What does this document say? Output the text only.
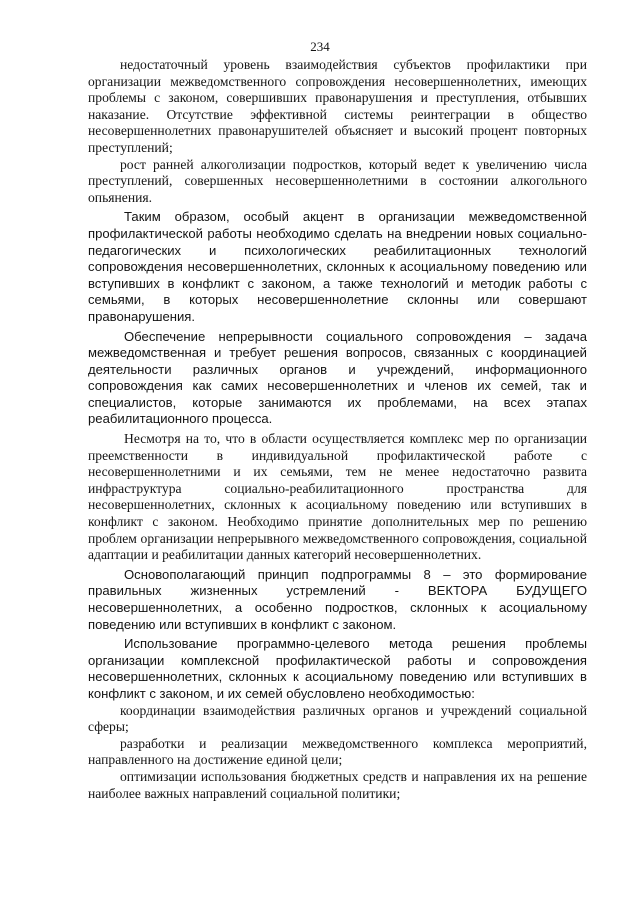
234

недостаточный уровень взаимодействия субъектов профилактики при организации межведомственного сопровождения несовершеннолетних, имеющих проблемы с законом, совершивших правонарушения и преступления, отбывших наказание. Отсутствие эффективной системы реинтеграции в общество несовершеннолетних правонарушителей объясняет и высокий процент повторных преступлений;

рост ранней алкоголизации подростков, который ведет к увеличению числа преступлений, совершенных несовершеннолетними в состоянии алкогольного опьянения.

Таким образом, особый акцент в организации межведомственной профилактической работы необходимо сделать на внедрении новых социально-педагогических и психологических реабилитационных технологий сопровождения несовершеннолетних, склонных к асоциальному поведению или вступивших в конфликт с законом, а также технологий и методик работы с семьями, в которых несовершеннолетние склонны или совершают правонарушения.

Обеспечение непрерывности социального сопровождения – задача межведомственная и требует решения вопросов, связанных с координацией деятельности различных органов и учреждений, информационного сопровождения как самих несовершеннолетних и членов их семей, так и специалистов, которые занимаются их проблемами, на всех этапах реабилитационного процесса.

Несмотря на то, что в области осуществляется комплекс мер по организации преемственности в индивидуальной профилактической работе с несовершеннолетними и их семьями, тем не менее недостаточно развита инфраструктура социально-реабилитационного пространства для несовершеннолетних, склонных к асоциальному поведению или вступивших в конфликт с законом. Необходимо принятие дополнительных мер по решению проблем организации непрерывного межведомственного сопровождения, социальной адаптации и реабилитации данных категорий несовершеннолетних.

Основополагающий принцип подпрограммы 8 – это формирование правильных жизненных устремлений - ВЕКТОРА БУДУЩЕГО несовершеннолетних, а особенно подростков, склонных к асоциальному поведению или вступивших в конфликт с законом.

Использование программно-целевого метода решения проблемы организации комплексной профилактической работы и сопровождения несовершеннолетних, склонных к асоциальному поведению или вступивших в конфликт с законом, и их семей обусловлено необходимостью:

координации взаимодействия различных органов и учреждений социальной сферы;

разработки и реализации межведомственного комплекса мероприятий, направленного на достижение единой цели;

оптимизации использования бюджетных средств и направления их на решение наиболее важных направлений социальной политики;
